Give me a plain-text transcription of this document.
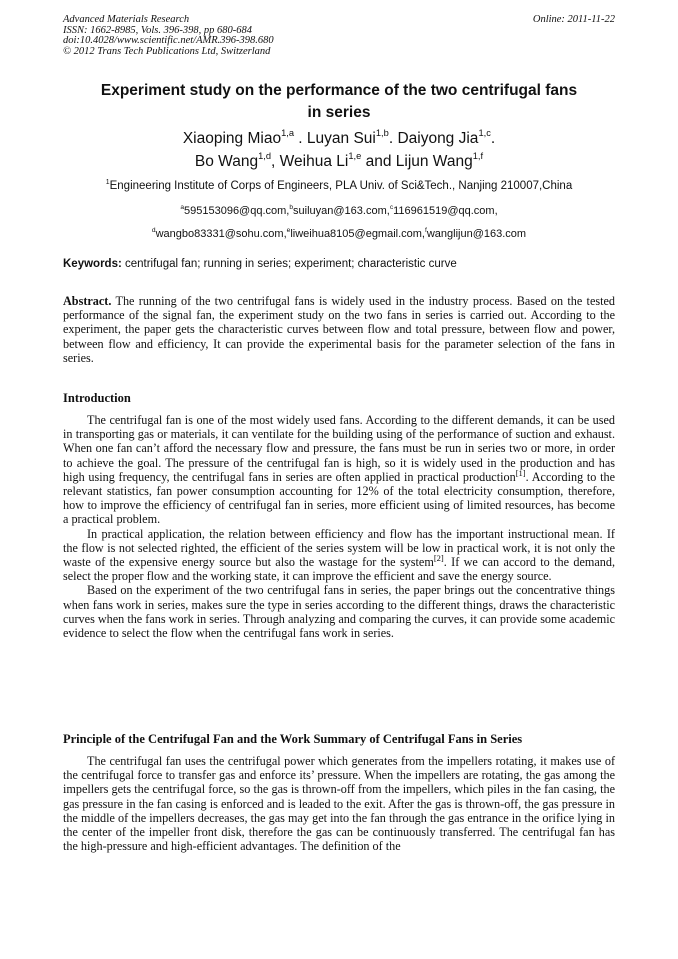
Advanced Materials Research
ISSN: 1662-8985, Vols. 396-398, pp 680-684
doi:10.4028/www.scientific.net/AMR.396-398.680
© 2012 Trans Tech Publications Ltd, Switzerland
Online: 2011-11-22
Experiment study on the performance of the two centrifugal fans
in series
Xiaoping Miao$^{1,a}$ . Luyan Sui$^{1,b}$. Daiyong Jia$^{1,c}$.
Bo Wang$^{1,d}$, Weihua Li$^{1,e}$ and Lijun Wang$^{1,f}$
$^1$Engineering Institute of Corps of Engineers, PLA Univ. of Sci&Tech., Nanjing 210007,China
$^a$595153096@qq.com,$^b$suiluyan@163.com,$^c$116961519@qq.com,
$^d$wangbo83331@sohu.com,$^e$liweihua8105@egmail.com,$^f$wanglijun@163.com
Keywords: centrifugal fan; running in series; experiment; characteristic curve

Abstract. The running of the two centrifugal fans is widely used in the industry process. Based on the tested performance of the signal fan, the experiment study on the two fans in series is carried out. According to the experiment, the paper gets the characteristic curves between flow and total pressure, between flow and power, between flow and efficiency, It can provide the experimental basis for the parameter selection of the fans in series.

Introduction

The centrifugal fan is one of the most widely used fans. According to the different demands, it can be used in transporting gas or materials, it can ventilate for the building using of the performance of suction and exhaust. When one fan can’t afford the necessary flow and pressure, the fans must be run in series two or more, in order to achieve the goal. The pressure of the centrifugal fan is high, so it is widely used in the production and has high using frequency, the centrifugal fans in series are often applied in practical production[1]. According to the relevant statistics, fan power consumption accounting for 12% of the total electricity consumption, therefore, how to improve the efficiency of centrifugal fan in series, more efficient using of limited resources, has become a practical problem.

In practical application, the relation between efficiency and flow has the important instructional mean. If the flow is not selected righted, the efficient of the series system will be low in practical work, it is not only the waste of the expensive energy source but also the wastage for the system[2]. If we can accord to the demand, select the proper flow and the working state, it can improve the efficient and save the energy source.

Based on the experiment of the two centrifugal fans in series, the paper brings out the concentrative things when fans work in series, makes sure the type in series according to the different things, draws the characteristic curves when the fans work in series. Through analyzing and comparing the curves, it can provide some academic evidence to select the flow when the centrifugal fans work in series.

Principle of the Centrifugal Fan and the Work Summary of Centrifugal Fans in Series

The centrifugal fan uses the centrifugal power which generates from the impellers rotating, it makes use of the centrifugal force to transfer gas and enforce its’ pressure. When the impellers are rotating, the gas among the impellers gets the centrifugal force, so the gas is thrown-off from the impellers, which piles in the fan casing, the gas pressure in the fan casing is enforced and is leaded to the exit. After the gas is thrown-off, the gas pressure in the middle of the impellers decreases, the gas may get into the fan through the gas entrance in the orifice lying in the center of the impeller front disk, therefore the gas can be continuously transferred. The centrifugal fan has the high-pressure and high-efficient advantages. The definition of the
